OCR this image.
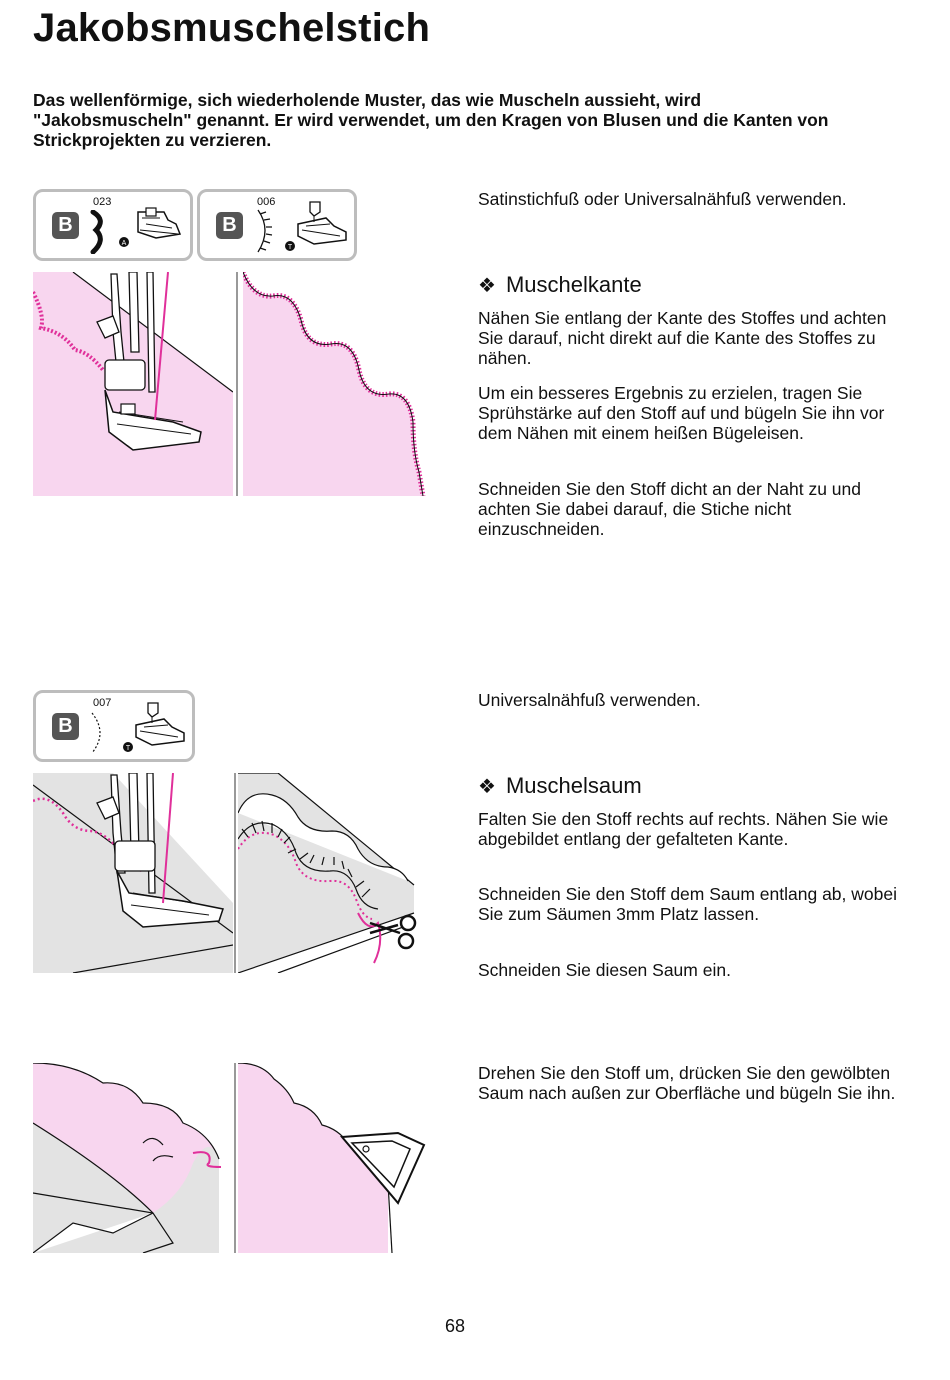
Jakobsmuschelstich

Das wellenförmige, sich wiederholende Muster, das wie Muscheln aussieht, wird "Jakobsmuscheln" genannt. Er wird verwendet, um den Kragen von Blusen und die Kanten von Strickprojekten zu verzieren.

B
023
A
B
006
T

Satinstichfuß oder Universalnähfuß verwenden.

❖ Muschelkante

Nähen Sie entlang der Kante des Stoffes und achten Sie darauf, nicht direkt auf die Kante des Stoffes zu nähen.

Um ein besseres Ergebnis zu erzielen, tragen Sie Sprühstärke auf den Stoff auf und bügeln Sie ihn vor dem Nähen mit einem heißen Bügeleisen.

Schneiden Sie den Stoff dicht an der Naht zu und achten Sie dabei darauf, die Stiche nicht einzuschneiden.

B
007
T

Universalnähfuß verwenden.

❖ Muschelsaum

Falten Sie den Stoff rechts auf rechts. Nähen Sie wie abgebildet entlang der gefalteten Kante.

Schneiden Sie den Stoff dem Saum entlang ab, wobei Sie zum Säumen 3mm Platz lassen.

Schneiden Sie diesen Saum ein.

Drehen Sie den Stoff um, drücken Sie den gewölbten Saum nach außen zur Oberfläche und bügeln Sie ihn.

68
